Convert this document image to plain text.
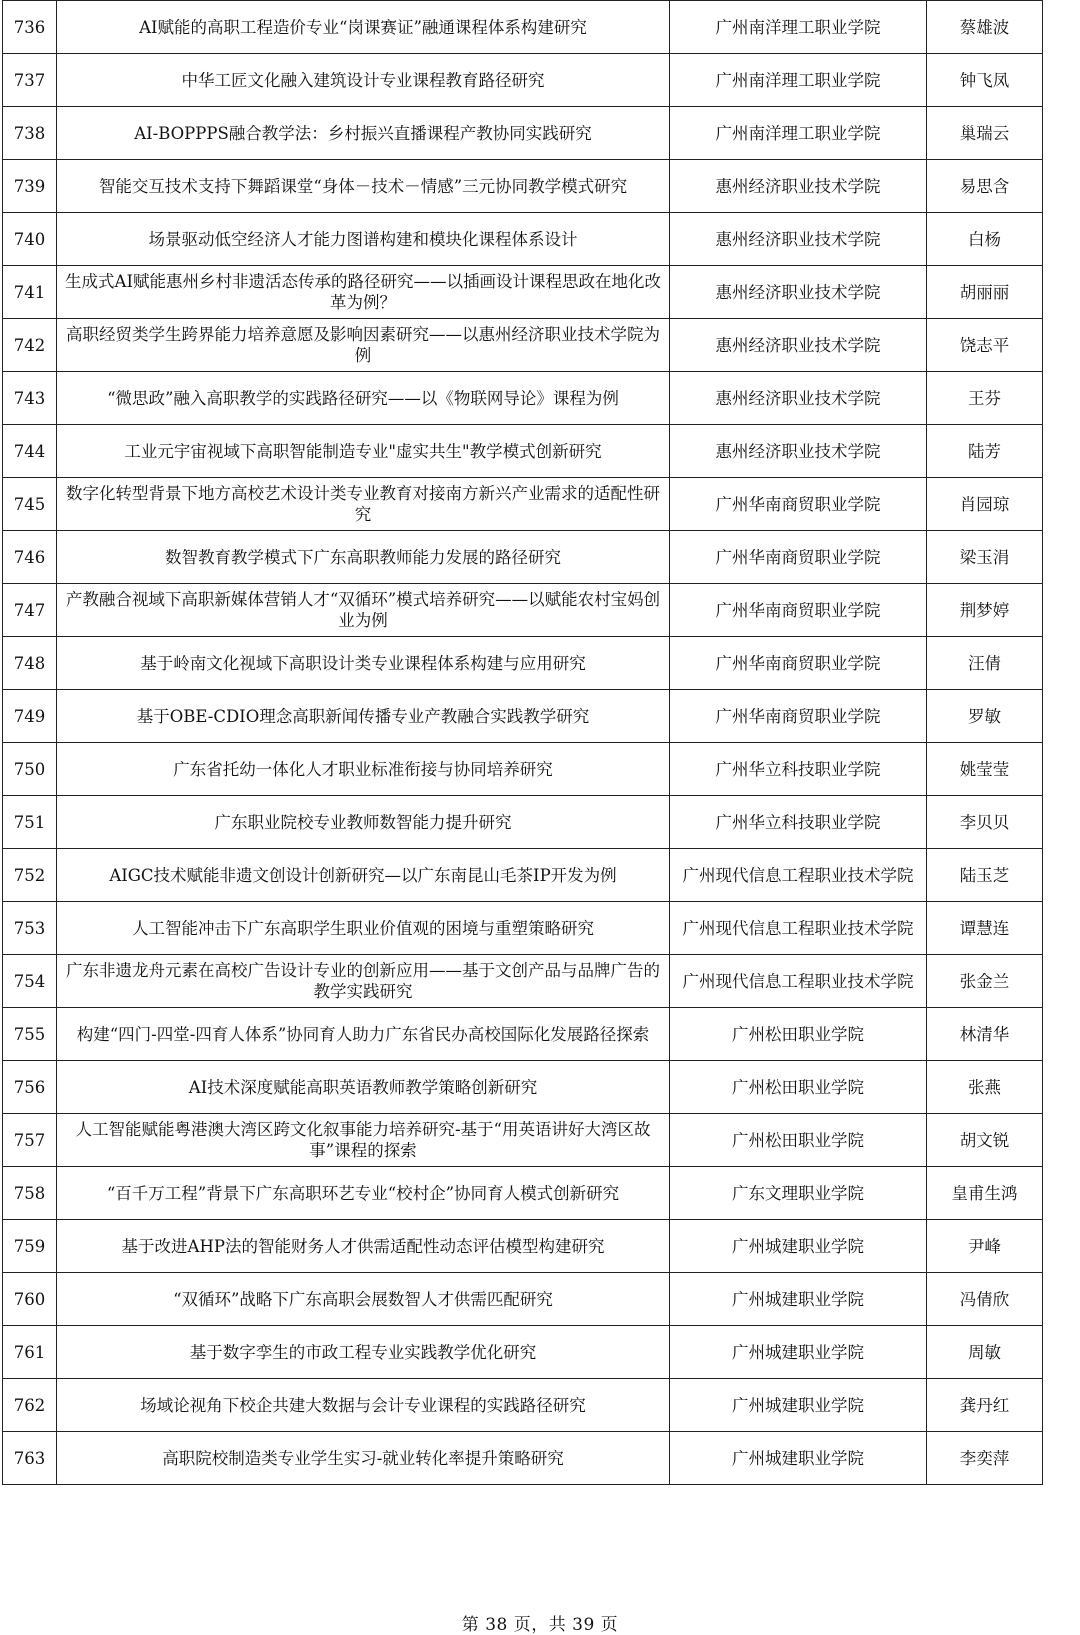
736	AI赋能的高职工程造价专业“岗课赛证”融通课程体系构建研究	广州南洋理工职业学院	蔡雄波
737	中华工匠文化融入建筑设计专业课程教育路径研究	广州南洋理工职业学院	钟飞凤
738	AI-BOPPPS融合教学法：乡村振兴直播课程产教协同实践研究	广州南洋理工职业学院	巢瑞云
739	智能交互技术支持下舞蹈课堂“身体－技术－情感”三元协同教学模式研究	惠州经济职业技术学院	易思含
740	场景驱动低空经济人才能力图谱构建和模块化课程体系设计	惠州经济职业技术学院	白杨
741	生成式AI赋能惠州乡村非遗活态传承的路径研究——以插画设计课程思政在地化改革为例？	惠州经济职业技术学院	胡丽丽
742	高职经贸类学生跨界能力培养意愿及影响因素研究——以惠州经济职业技术学院为例	惠州经济职业技术学院	饶志平
743	“微思政”融入高职教学的实践路径研究——以《物联网导论》课程为例	惠州经济职业技术学院	王芬
744	工业元宇宙视域下高职智能制造专业"虚实共生"教学模式创新研究	惠州经济职业技术学院	陆芳
745	数字化转型背景下地方高校艺术设计类专业教育对接南方新兴产业需求的适配性研究	广州华南商贸职业学院	肖园琼
746	数智教育教学模式下广东高职教师能力发展的路径研究	广州华南商贸职业学院	梁玉涓
747	产教融合视域下高职新媒体营销人才“双循环”模式培养研究——以赋能农村宝妈创业为例	广州华南商贸职业学院	荆梦婷
748	基于岭南文化视域下高职设计类专业课程体系构建与应用研究	广州华南商贸职业学院	汪倩
749	基于OBE-CDIO理念高职新闻传播专业产教融合实践教学研究	广州华南商贸职业学院	罗敏
750	广东省托幼一体化人才职业标准衔接与协同培养研究	广州华立科技职业学院	姚莹莹
751	广东职业院校专业教师数智能力提升研究	广州华立科技职业学院	李贝贝
752	AIGC技术赋能非遗文创设计创新研究—以广东南昆山毛茶IP开发为例	广州现代信息工程职业技术学院	陆玉芝
753	人工智能冲击下广东高职学生职业价值观的困境与重塑策略研究	广州现代信息工程职业技术学院	谭慧连
754	广东非遗龙舟元素在高校广告设计专业的创新应用——基于文创产品与品牌广告的教学实践研究	广州现代信息工程职业技术学院	张金兰
755	构建“四门-四堂-四育人体系”协同育人助力广东省民办高校国际化发展路径探索	广州松田职业学院	林清华
756	AI技术深度赋能高职英语教师教学策略创新研究	广州松田职业学院	张燕
757	人工智能赋能粤港澳大湾区跨文化叙事能力培养研究-基于“用英语讲好大湾区故事”课程的探索	广州松田职业学院	胡文锐
758	“百千万工程”背景下广东高职环艺专业“校村企”协同育人模式创新研究	广东文理职业学院	皇甫生鸿
759	基于改进AHP法的智能财务人才供需适配性动态评估模型构建研究	广州城建职业学院	尹峰
760	“双循环”战略下广东高职会展数智人才供需匹配研究	广州城建职业学院	冯倩欣
761	基于数字孪生的市政工程专业实践教学优化研究	广州城建职业学院	周敏
762	场域论视角下校企共建大数据与会计专业课程的实践路径研究	广州城建职业学院	龚丹红
763	高职院校制造类专业学生实习-就业转化率提升策略研究	广州城建职业学院	李奕萍
第 38 页，共 39 页
